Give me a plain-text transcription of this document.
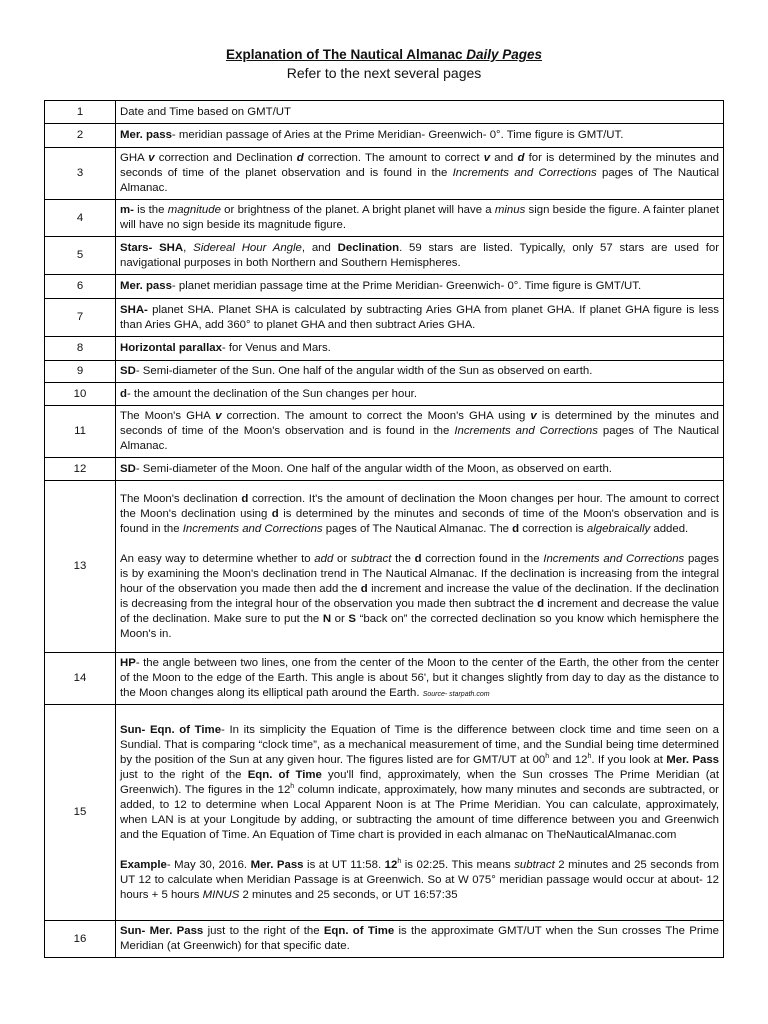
Explanation of The Nautical Almanac Daily Pages
Refer to the next several pages
1	Date and Time based on GMT/UT
2	Mer. pass- meridian passage of Aries at the Prime Meridian- Greenwich- 0°. Time figure is GMT/UT.
3	GHA v correction and Declination d correction. The amount to correct v and d for is determined by the minutes and seconds of time of the planet observation and is found in the Increments and Corrections pages of The Nautical Almanac.
4	m- is the magnitude or brightness of the planet. A bright planet will have a minus sign beside the figure. A fainter planet will have no sign beside its magnitude figure.
5	Stars- SHA, Sidereal Hour Angle, and Declination. 59 stars are listed. Typically, only 57 stars are used for navigational purposes in both Northern and Southern Hemispheres.
6	Mer. pass- planet meridian passage time at the Prime Meridian- Greenwich- 0°. Time figure is GMT/UT.
7	SHA- planet SHA. Planet SHA is calculated by subtracting Aries GHA from planet GHA. If planet GHA figure is less than Aries GHA, add 360° to planet GHA and then subtract Aries GHA.
8	Horizontal parallax- for Venus and Mars.
9	SD- Semi-diameter of the Sun. One half of the angular width of the Sun as observed on earth.
10	d- the amount the declination of the Sun changes per hour.
11	The Moon's GHA v correction. The amount to correct the Moon's GHA using v is determined by the minutes and seconds of time of the Moon's observation and is found in the Increments and Corrections pages of The Nautical Almanac.
12	SD- Semi-diameter of the Moon. One half of the angular width of the Moon, as observed on earth.
13	The Moon's declination d correction. It's the amount of declination the Moon changes per hour. The amount to correct the Moon's declination using d is determined by the minutes and seconds of time of the Moon's observation and is found in the Increments and Corrections pages of The Nautical Almanac. The d correction is algebraically added.
An easy way to determine whether to add or subtract the d correction found in the Increments and Corrections pages is by examining the Moon's declination trend in The Nautical Almanac. If the declination is increasing from the integral hour of the observation you made then add the d increment and increase the value of the declination. If the declination is decreasing from the integral hour of the observation you made then subtract the d increment and decrease the value of the declination. Make sure to put the N or S “back on” the corrected declination so you know which hemisphere the Moon's in.

14	HP- the angle between two lines, one from the center of the Moon to the center of the Earth, the other from the center of the Moon to the edge of the Earth. This angle is about 56', but it changes slightly from day to day as the distance to the Moon changes along its elliptical path around the Earth. Source- starpath.com
15	Sun- Eqn. of Time- In its simplicity the Equation of Time is the difference between clock time and time seen on a Sundial. That is comparing “clock time”, as a mechanical measurement of time, and the Sundial being time determined by the position of the Sun at any given hour. The figures listed are for GMT/UT at 00$^h$ and 12$^h$. If you look at Mer. Pass just to the right of the Eqn. of Time you'll find, approximately, when the Sun crosses The Prime Meridian (at Greenwich). The figures in the 12$^h$ column indicate, approximately, how many minutes and seconds are subtracted, or added, to 12 to determine when Local Apparent Noon is at The Prime Meridian. You can calculate, approximately, when LAN is at your Longitude by adding, or subtracting the amount of time difference between you and Greenwich and the Equation of Time. An Equation of Time chart is provided in each almanac on TheNauticalAlmanac.com
Example- May 30, 2016. Mer. Pass is at UT 11:58. 12$^h$ is 02:25. This means subtract 2 minutes and 25 seconds from UT 12 to calculate when Meridian Passage is at Greenwich. So at W 075° meridian passage would occur at about- 12 hours + 5 hours MINUS 2 minutes and 25 seconds, or UT 16:57:35

16	Sun- Mer. Pass just to the right of the Eqn. of Time is the approximate GMT/UT when the Sun crosses The Prime Meridian (at Greenwich) for that specific date.
